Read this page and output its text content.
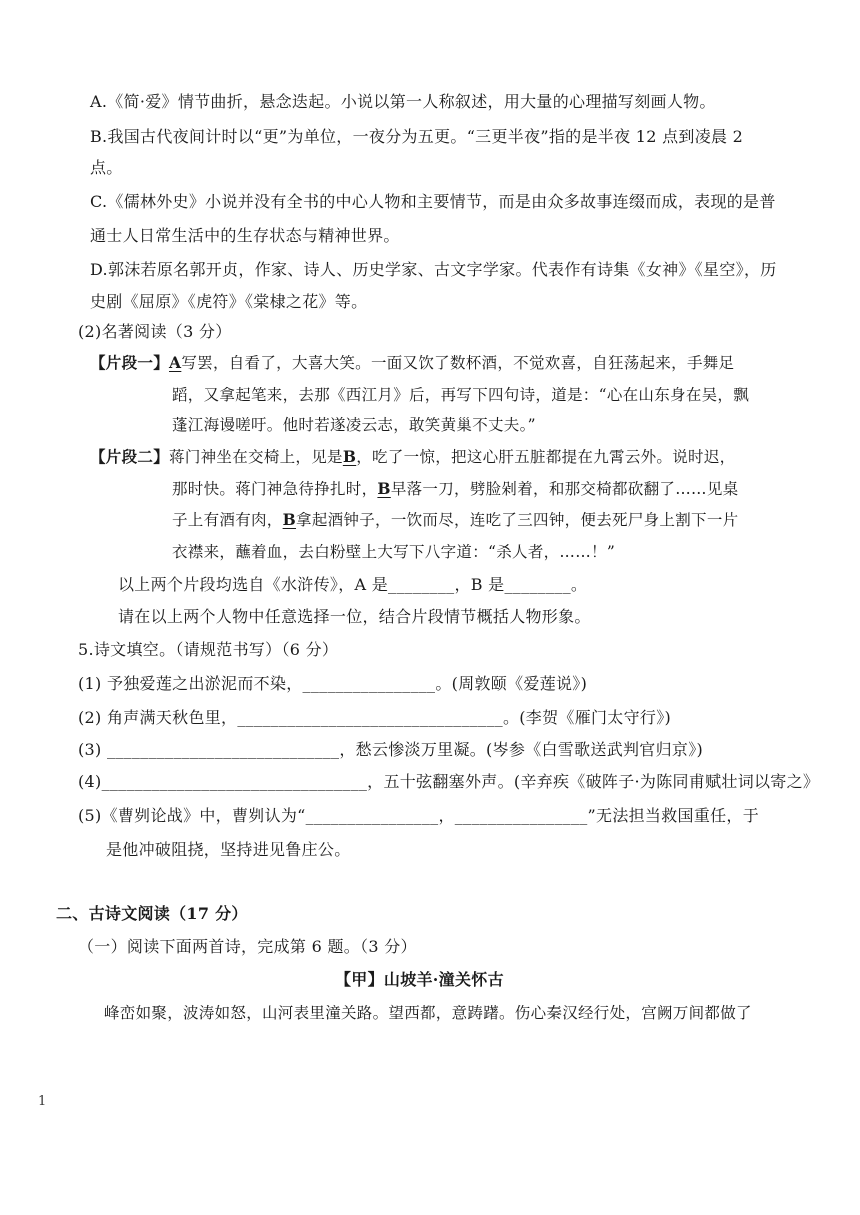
A.《简·爱》情节曲折，悬念迭起。小说以第一人称叙述，用大量的心理描写刻画人物。
B.我国古代夜间计时以“更”为单位，一夜分为五更。“三更半夜”指的是半夜 12 点到凌晨 2
点。
C.《儒林外史》小说并没有全书的中心人物和主要情节，而是由众多故事连缀而成，表现的是普
通士人日常生活中的生存状态与精神世界。
D.郭沫若原名郭开贞，作家、诗人、历史学家、古文字学家。代表作有诗集《女神》《星空》，历
史剧《屈原》《虎符》《棠棣之花》等。
(2)名著阅读（3 分）
【片段一】A写罢，自看了，大喜大笑。一面又饮了数杯酒，不觉欢喜，自狂荡起来，手舞足
蹈，又拿起笔来，去那《西江月》后，再写下四句诗，道是：“心在山东身在吴，飘
蓬江海谩嗟吁。他时若遂凌云志，敢笑黄巢不丈夫。”
【片段二】蒋门神坐在交椅上，见是B，吃了一惊，把这心肝五脏都提在九霄云外。说时迟，
那时快。蒋门神急待挣扎时，B早落一刀，劈脸剁着，和那交椅都砍翻了……见桌
子上有酒有肉，B拿起酒钟子，一饮而尽，连吃了三四钟，便去死尸身上割下一片
衣襟来，蘸着血，去白粉壁上大写下八字道：“杀人者，……！”
以上两个片段均选自《水浒传》，A 是________，B 是________。
请在以上两个人物中任意选择一位，结合片段情节概括人物形象。
5.诗文填空。（请规范书写）（6 分）
(1) 予独爱莲之出淤泥而不染，________________。(周敦颐《爱莲说》)
(2) 角声满天秋色里，________________________________。(李贺《雁门太守行》)
(3) ____________________________，愁云惨淡万里凝。(岑参《白雪歌送武判官归京》)
(4)________________________________，五十弦翻塞外声。(辛弃疾《破阵子·为陈同甫赋壮词以寄之》
(5)《曹刿论战》中，曹刿认为“________________，________________”无法担当救国重任，于
是他冲破阻挠，坚持进见鲁庄公。
二、古诗文阅读（17 分）
（一）阅读下面两首诗，完成第 6 题。（3 分）
【甲】山坡羊·潼关怀古
峰峦如聚，波涛如怒，山河表里潼关路。望西都，意踌躇。伤心秦汉经行处，宫阙万间都做了
1
